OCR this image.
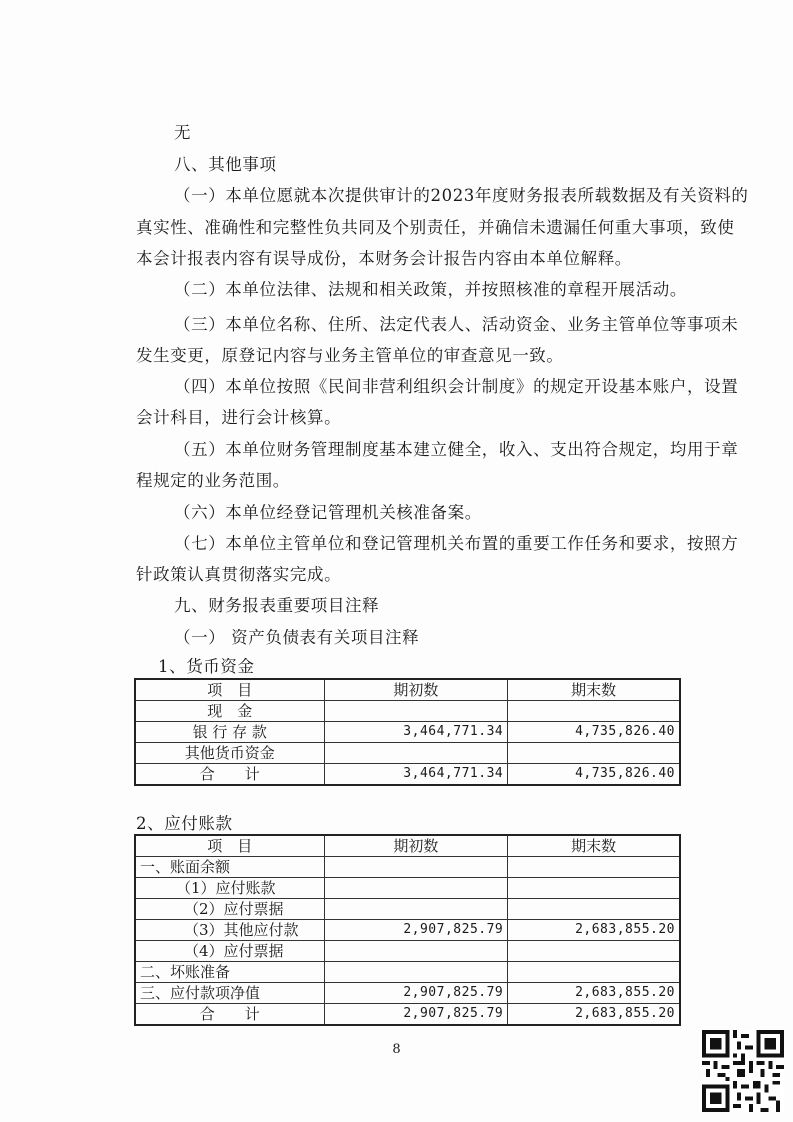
无
八、其他事项
（一）本单位愿就本次提供审计的2023年度财务报表所载数据及有关资料的
真实性、准确性和完整性负共同及个别责任，并确信未遗漏任何重大事项，致使
本会计报表内容有误导成份，本财务会计报告内容由本单位解释。
（二）本单位法律、法规和相关政策，并按照核准的章程开展活动。
（三）本单位名称、住所、法定代表人、活动资金、业务主管单位等事项未
发生变更，原登记内容与业务主管单位的审查意见一致。
（四）本单位按照《民间非营利组织会计制度》的规定开设基本账户，设置
会计科目，进行会计核算。
（五）本单位财务管理制度基本建立健全，收入、支出符合规定，均用于章
程规定的业务范围。
（六）本单位经登记管理机关核准备案。
（七）本单位主管单位和登记管理机关布置的重要工作任务和要求，按照方
针政策认真贯彻落实完成。
九、财务报表重要项目注释
（一） 资产负债表有关项目注释
1、货币资金
项　目	期初数	期末数
现　金		
银 行 存 款	3,464,771.34	4,735,826.40
其他货币资金		
合　　计	3,464,771.34	4,735,826.40
2、应付账款
项　目	期初数	期末数
一、账面余额		
（1）应付账款		
（2）应付票据		
（3）其他应付款	2,907,825.79	2,683,855.20
（4）应付票据		
二、坏账准备		
三、应付款项净值	2,907,825.79	2,683,855.20
合　　计	2,907,825.79	2,683,855.20
8
